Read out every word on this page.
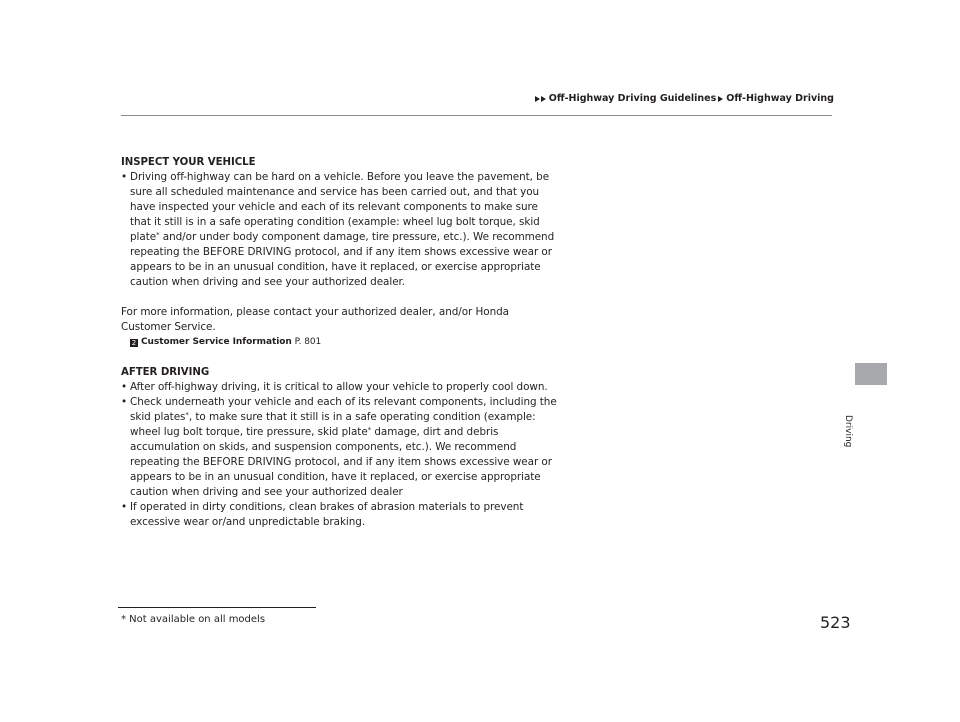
Off-Highway Driving Guidelines Off-Highway Driving
Driving

INSPECT YOUR VEHICLE

• Driving off-highway can be hard on a vehicle. Before you leave the pavement, be sure all scheduled maintenance and service has been carried out, and that you have inspected your vehicle and each of its relevant components to make sure that it still is in a safe operating condition (example: wheel lug bolt torque, skid plate* and/or under body component damage, tire pressure, etc.). We recommend repeating the BEFORE DRIVING protocol, and if any item shows excessive wear or appears to be in an unusual condition, have it replaced, or exercise appropriate caution when driving and see your authorized dealer.

For more information, please contact your authorized dealer, and/or Honda Customer Service.

2 Customer Service Information P. 801

AFTER DRIVING

• After off-highway driving, it is critical to allow your vehicle to properly cool down.

• Check underneath your vehicle and each of its relevant components, including the skid plates*, to make sure that it still is in a safe operating condition (example: wheel lug bolt torque, tire pressure, skid plate* damage, dirt and debris accumulation on skids, and suspension components, etc.). We recommend repeating the BEFORE DRIVING protocol, and if any item shows excessive wear or appears to be in an unusual condition, have it replaced, or exercise appropriate caution when driving and see your authorized dealer

• If operated in dirty conditions, clean brakes of abrasion materials to prevent excessive wear or/and unpredictable braking.

* Not available on all models	523
